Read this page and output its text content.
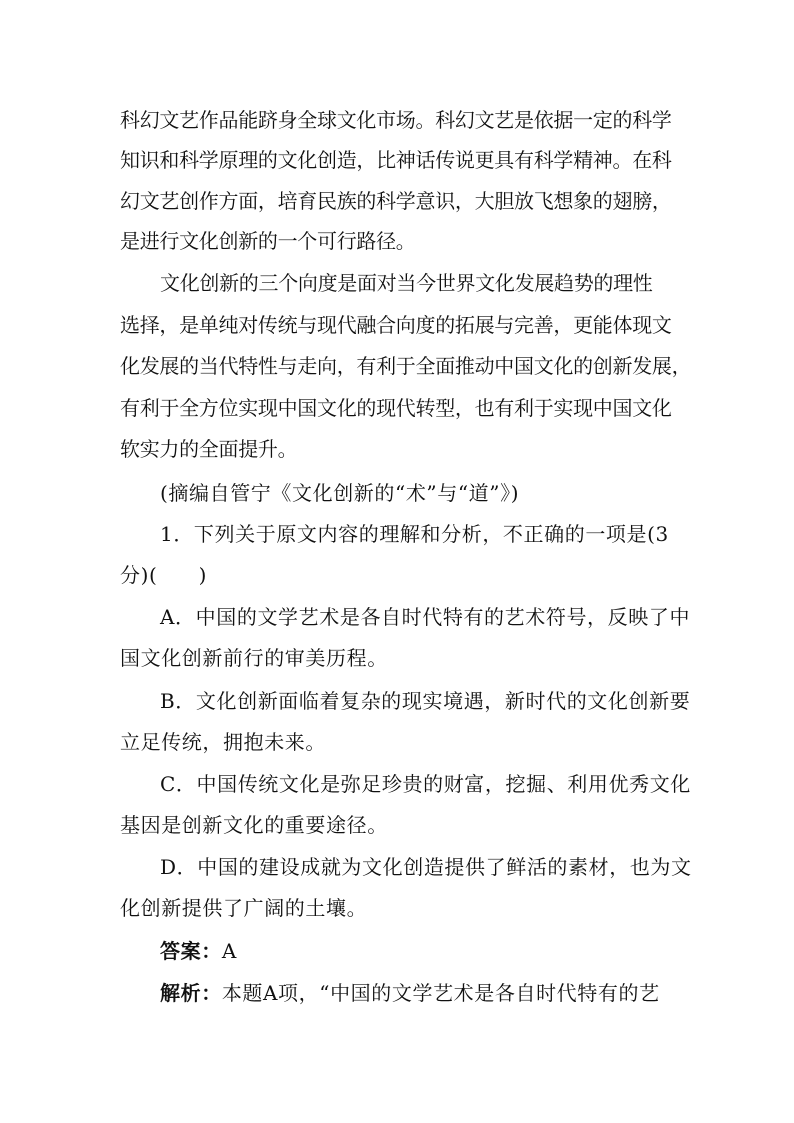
科幻文艺作品能跻身全球文化市场。科幻文艺是依据一定的科学
知识和科学原理的文化创造，比神话传说更具有科学精神。在科
幻文艺创作方面，培育民族的科学意识，大胆放飞想象的翅膀，
是进行文化创新的一个可行路径。
文化创新的三个向度是面对当今世界文化发展趋势的理性
选择，是单纯对传统与现代融合向度的拓展与完善，更能体现文
化发展的当代特性与走向，有利于全面推动中国文化的创新发展，
有利于全方位实现中国文化的现代转型，也有利于实现中国文化
软实力的全面提升。
(摘编自管宁《文化创新的“术”与“道”》)
1．下列关于原文内容的理解和分析，不正确的一项是(3
分)(　　)
A．中国的文学艺术是各自时代特有的艺术符号，反映了中
国文化创新前行的审美历程。
B．文化创新面临着复杂的现实境遇，新时代的文化创新要
立足传统，拥抱未来。
C．中国传统文化是弥足珍贵的财富，挖掘、利用优秀文化
基因是创新文化的重要途径。
D．中国的建设成就为文化创造提供了鲜活的素材，也为文
化创新提供了广阔的土壤。
答案：A
解析：本题A项，“中国的文学艺术是各自时代特有的艺
